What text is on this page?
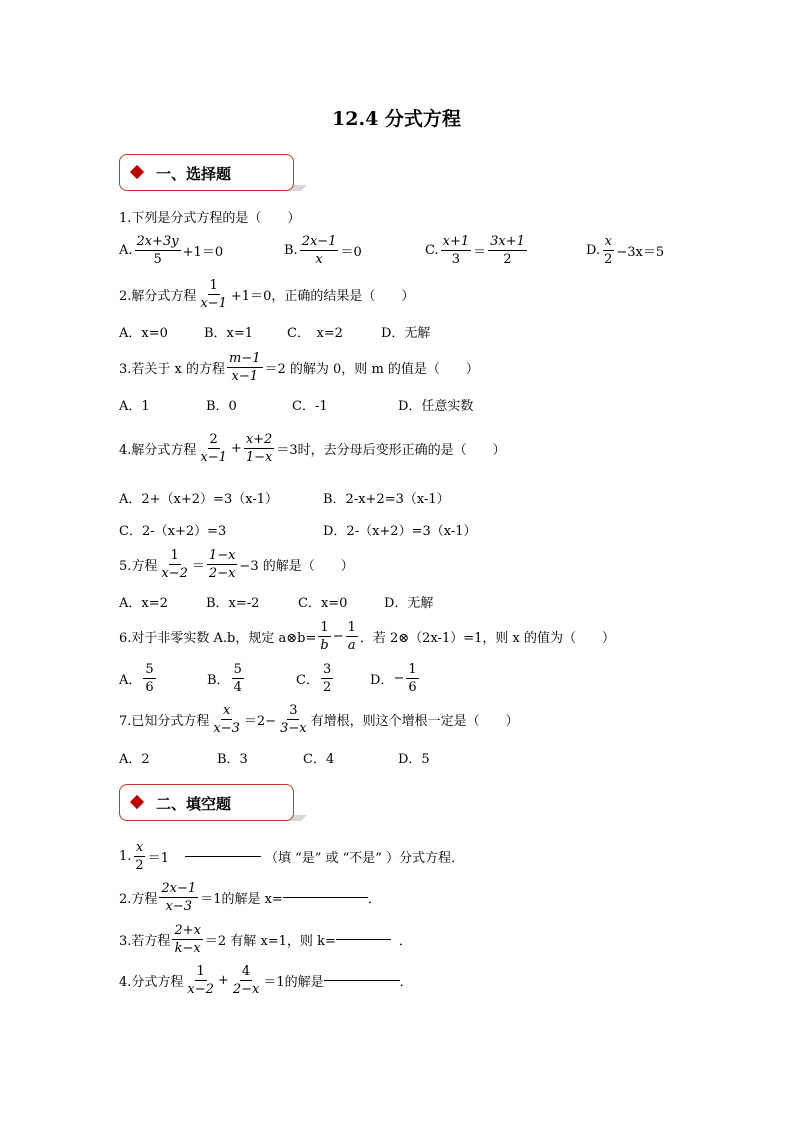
12.4 分式方程
一、选择题
1.下列是分式方程的是（　　）
A. $\frac{2x+3y}{5} +1=0$	B. $\frac{2x-1}{x} =0$	C. $\frac{x+1}{3} = \frac{3x+1}{2}$	D. $\frac{x}{2} -3x=5$
2.解分式方程 $\frac{1}{x-1} +1=0$，正确的结果是（　　）
A．x=0	B．x=1	C．　x=2	D．无解
3.若关于 x 的方程 $\frac{m-1}{x-1} =2$ 的解为 0，则 m 的值是（　　）
A．1	B．0	C．-1	D．任意实数
4.解分式方程 $\frac{2}{x-1} + \frac{x+2}{1-x} =3$时，去分母后变形正确的是（　　）
A．2+（x+2）=3（x-1）	B．2-x+2=3（x-1）
C．2-（x+2）=3	D．2-（x+2）=3（x-1）
5.方程 $\frac{1}{x-2} = \frac{1-x}{2-x} -3$ 的解是（　　）
A．x=2	B．x=-2	C．x=0	D．无解
6.对于非零实数 A.b，规定 a⊗b= $\frac{1}{b} - \frac{1}{a}$ ．若 2⊗（2x-1）=1，则 x 的值为（　　）
A． $\frac{5}{6}$	B． $\frac{5}{4}$	C． $\frac{3}{2}$	D． − $\frac{1}{6}$
7.已知分式方程 $\frac{x}{x-3} =2- \frac{3}{3-x}$ 有增根，则这个增根一定是（　　）
A．2	B．3	C．4	D．5
二、填空题
1. $\frac{x}{2} =1$	（填 “是” 或 “不是” ）分式方程．
2.方程 $\frac{2x-1}{x-3} =1$的解是 x=	．
3.若方程 $\frac{2+x}{k-x} =2$ 有解 x=1，则 k=	．
4.分式方程 $\frac{1}{x-2} + \frac{4}{2-x} =1$的解是	．
